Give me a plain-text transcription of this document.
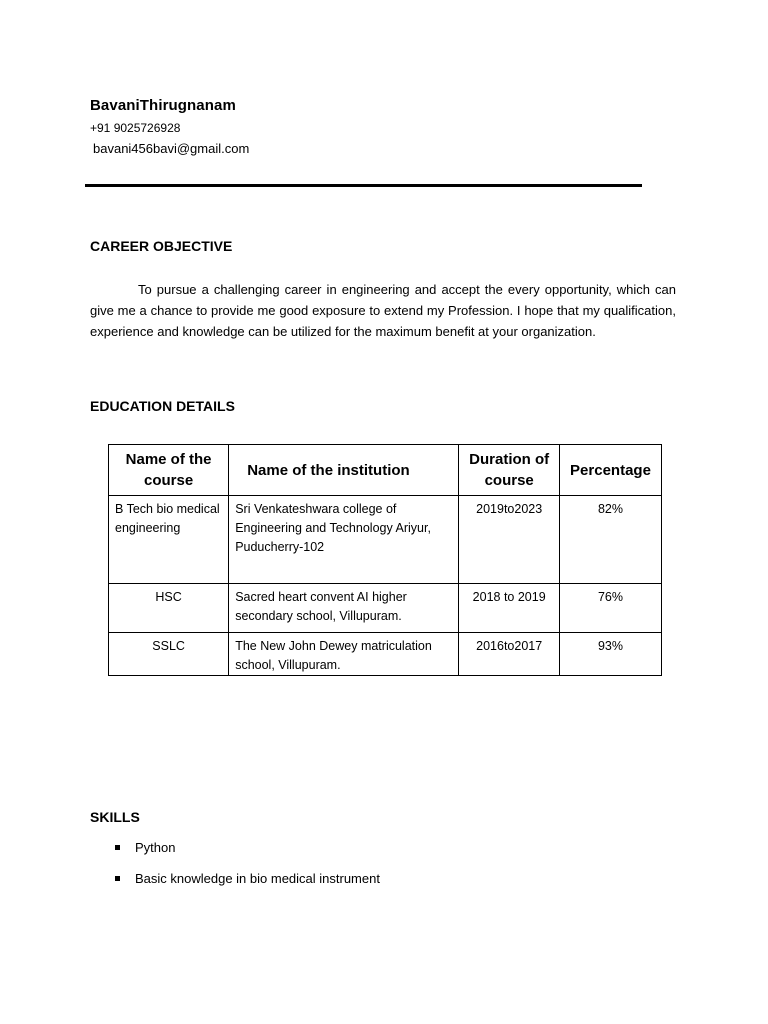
BavaniThirugnanam
+91 9025726928
bavani456bavi@gmail.com
CAREER OBJECTIVE

To pursue a challenging career in engineering and accept the every opportunity, which can give me a chance to provide me good exposure to extend my Profession. I hope that my qualification, experience and knowledge can be utilized for the maximum benefit at your organization.

EDUCATION DETAILS
Name of the course	Name of the institution	Duration of course	Percentage
B Tech bio medical engineering	Sri Venkateshwara college of Engineering and Technology Ariyur, Puducherry-102	2019to2023	82%
HSC	Sacred heart convent AI higher secondary school, Villupuram.	2018 to 2019	76%
SSLC	The New John Dewey matriculation school, Villupuram.	2016to2017	93%
SKILLS
Python
Basic knowledge in bio medical instrument
